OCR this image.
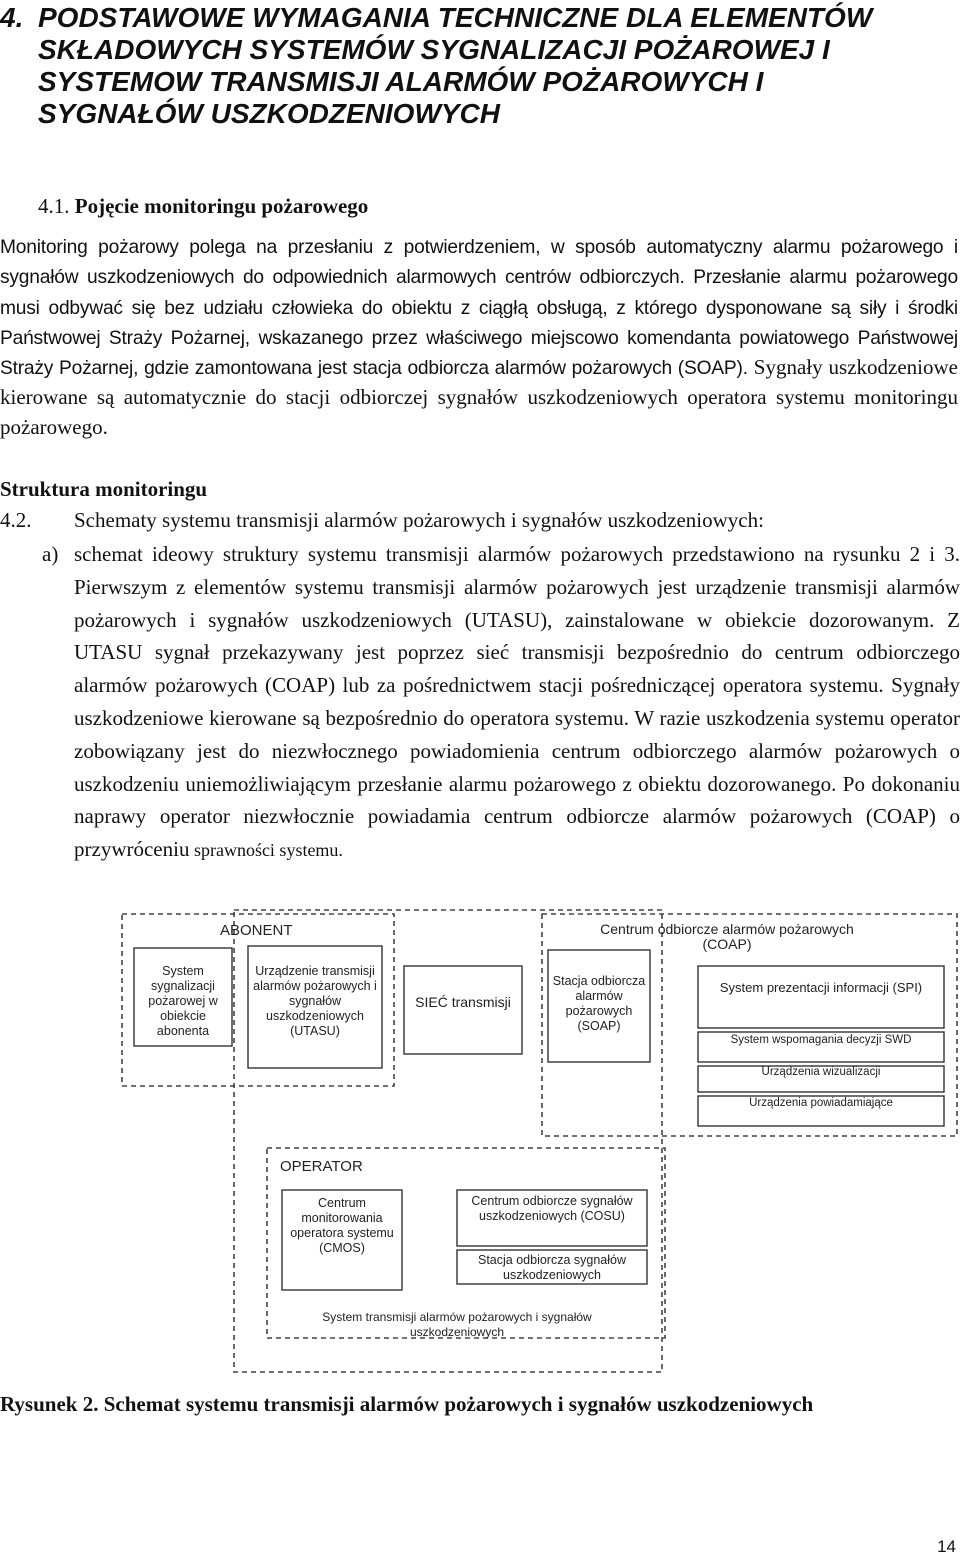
4. PODSTAWOWE WYMAGANIA TECHNICZNE DLA ELEMENTÓW
SKŁADOWYCH SYSTEMÓW SYGNALIZACJI POŻAROWEJ I
SYSTEMOW TRANSMISJI ALARMÓW POŻAROWYCH I
SYGNAŁÓW USZKODZENIOWYCH
4.1. Pojęcie monitoringu pożarowego

Monitoring pożarowy polega na przesłaniu z potwierdzeniem, w sposób automatyczny alarmu pożarowego i sygnałów uszkodzeniowych do odpowiednich alarmowych centrów odbiorczych. Przesłanie alarmu pożarowego musi odbywać się bez udziału człowieka do obiektu z ciągłą obsługą, z którego dysponowane są siły i środki Państwowej Straży Pożarnej, wskazanego przez właściwego miejscowo komendanta powiatowego Państwowej Straży Pożarnej, gdzie zamontowana jest stacja odbiorcza alarmów pożarowych (SOAP). Sygnały uszkodzeniowe kierowane są automatycznie do stacji odbiorczej sygnałów uszkodzeniowych operatora systemu monitoringu pożarowego.

Struktura monitoringu

4.2. Schematy systemu transmisji alarmów pożarowych i sygnałów uszkodzeniowych:

a) schemat ideowy struktury systemu transmisji alarmów pożarowych przedstawiono na rysunku 2 i 3. Pierwszym z elementów systemu transmisji alarmów pożarowych jest urządzenie transmisji alarmów pożarowych i sygnałów uszkodzeniowych (UTASU), zainstalowane w obiekcie dozorowanym. Z UTASU sygnał przekazywany jest poprzez sieć transmisji bezpośrednio do centrum odbiorczego alarmów pożarowych (COAP) lub za pośrednictwem stacji pośredniczącej operatora systemu. Sygnały uszkodzeniowe kierowane są bezpośrednio do operatora systemu. W razie uszkodzenia systemu operator zobowiązany jest do niezwłocznego powiadomienia centrum odbiorczego alarmów pożarowych o uszkodzeniu uniemożliwiającym przesłanie alarmu pożarowego z obiektu dozorowanego. Po dokonaniu naprawy operator niezwłocznie powiadamia centrum odbiorcze alarmów pożarowych (COAP) o przywróceniu sprawności systemu.
ABONENT
System sygnalizacji pożarowej w obiekcie abonenta
Urządzenie transmisji alarmów pożarowych i sygnałów uszkodzeniowych (UTASU)
SIEĆ transmisji
Centrum odbiorcze alarmów pożarowych
(COAP)
Stacja odbiorcza alarmów pożarowych (SOAP)
System prezentacji informacji (SPI)
System wspomagania decyzji SWD
Urządzenia wizualizacji
Urządzenia powiadamiające
OPERATOR
Centrum monitorowania operatora systemu (CMOS)
Centrum odbiorcze sygnałów uszkodzeniowych (COSU)
Stacja odbiorcza sygnałów uszkodzeniowych
System transmisji alarmów pożarowych i sygnałów uszkodzeniowych

Rysunek 2. Schemat systemu transmisji alarmów pożarowych i sygnałów uszkodzeniowych

14
